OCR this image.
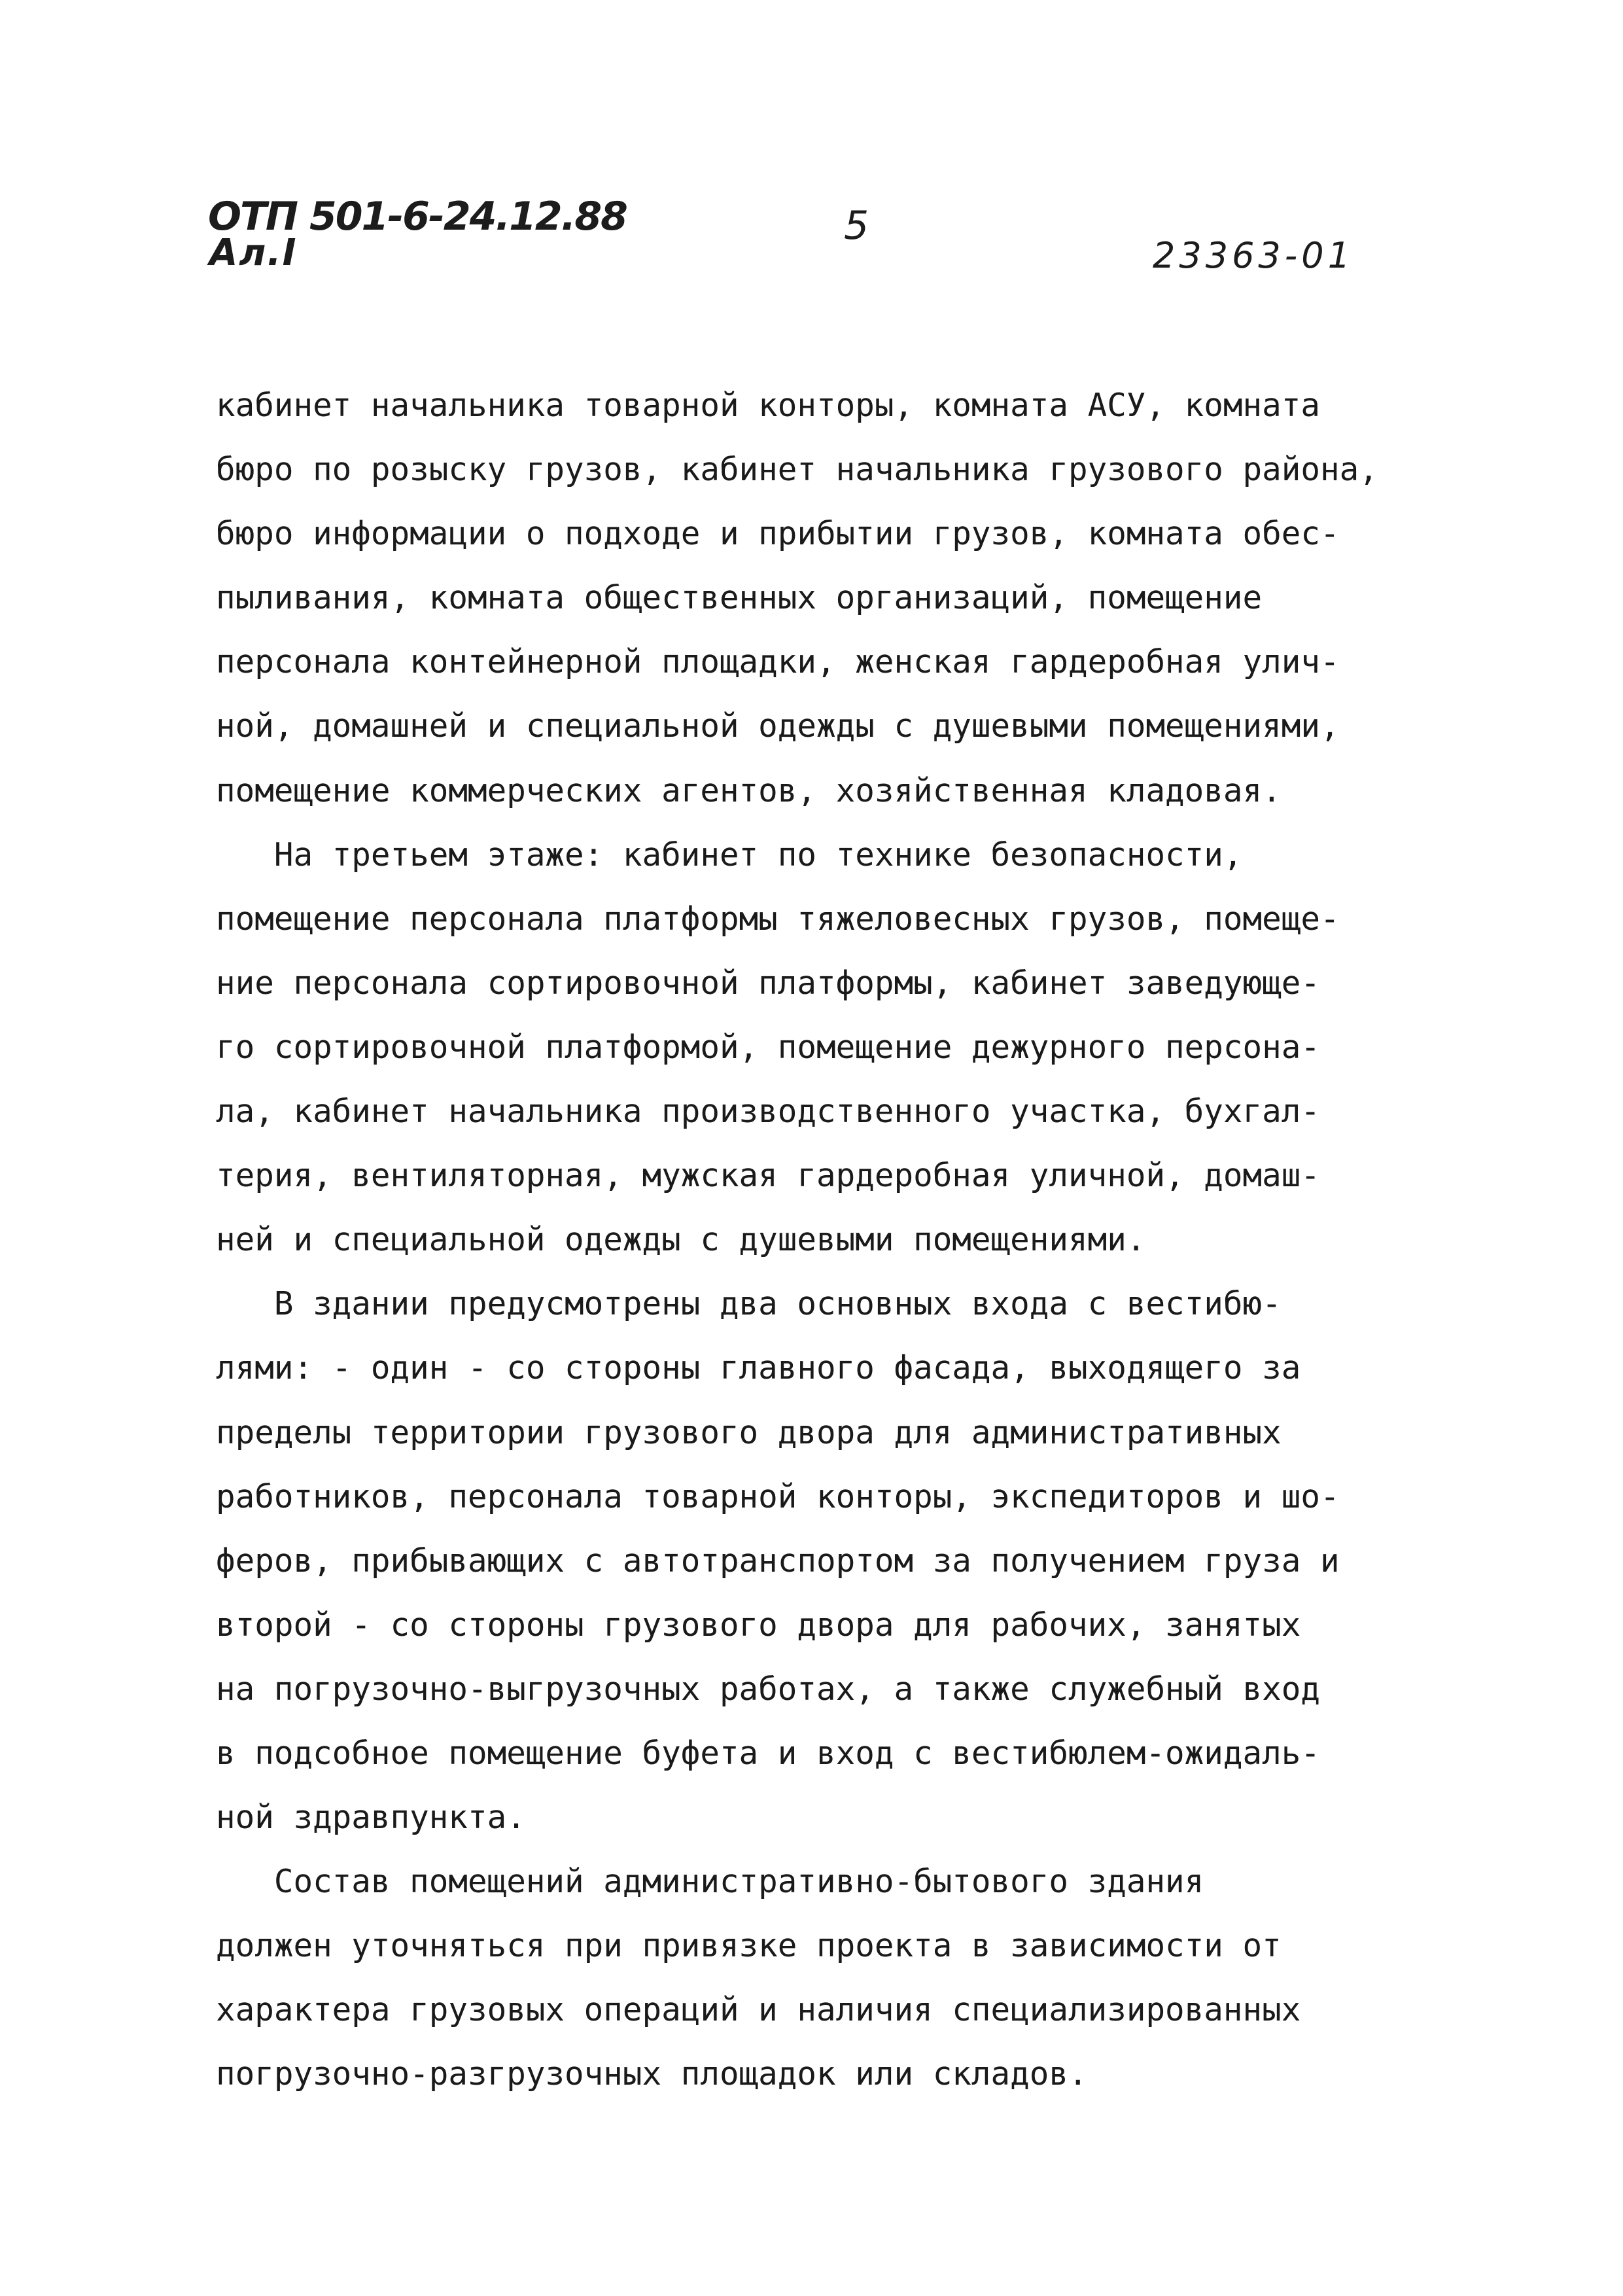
ОТП 501-6-24.12.88
Ал.I
5
23363-01
кабинет начальника товарной конторы, комната АСУ, комната
бюро по розыску грузов, кабинет начальника грузового района,
бюро информации о подходе и прибытии грузов, комната обес-
пыливания, комната общественных организаций, помещение
персонала контейнерной площадки, женская гардеробная улич-
ной, домашней и специальной одежды с душевыми помещениями,
помещение коммерческих агентов, хозяйственная кладовая.
На третьем этаже: кабинет по технике безопасности,
помещение персонала платформы тяжеловесных грузов, помеще-
ние персонала сортировочной платформы, кабинет заведующе-
го сортировочной платформой, помещение дежурного персона-
ла, кабинет начальника производственного участка, бухгал-
терия, вентиляторная, мужская гардеробная уличной, домаш-
ней и специальной одежды с душевыми помещениями.
В здании предусмотрены два основных входа с вестибю-
лями: - один - со стороны главного фасада, выходящего за
пределы территории грузового двора для административных
работников, персонала товарной конторы, экспедиторов и шо-
феров, прибывающих с автотранспортом за получением груза и
второй - со стороны грузового двора для рабочих, занятых
на погрузочно-выгрузочных работах, а также служебный вход
в подсобное помещение буфета и вход с вестибюлем-ожидаль-
ной здравпункта.
Состав помещений административно-бытового здания
должен уточняться при привязке проекта в зависимости от
характера грузовых операций и наличия специализированных
погрузочно-разгрузочных площадок или складов.
